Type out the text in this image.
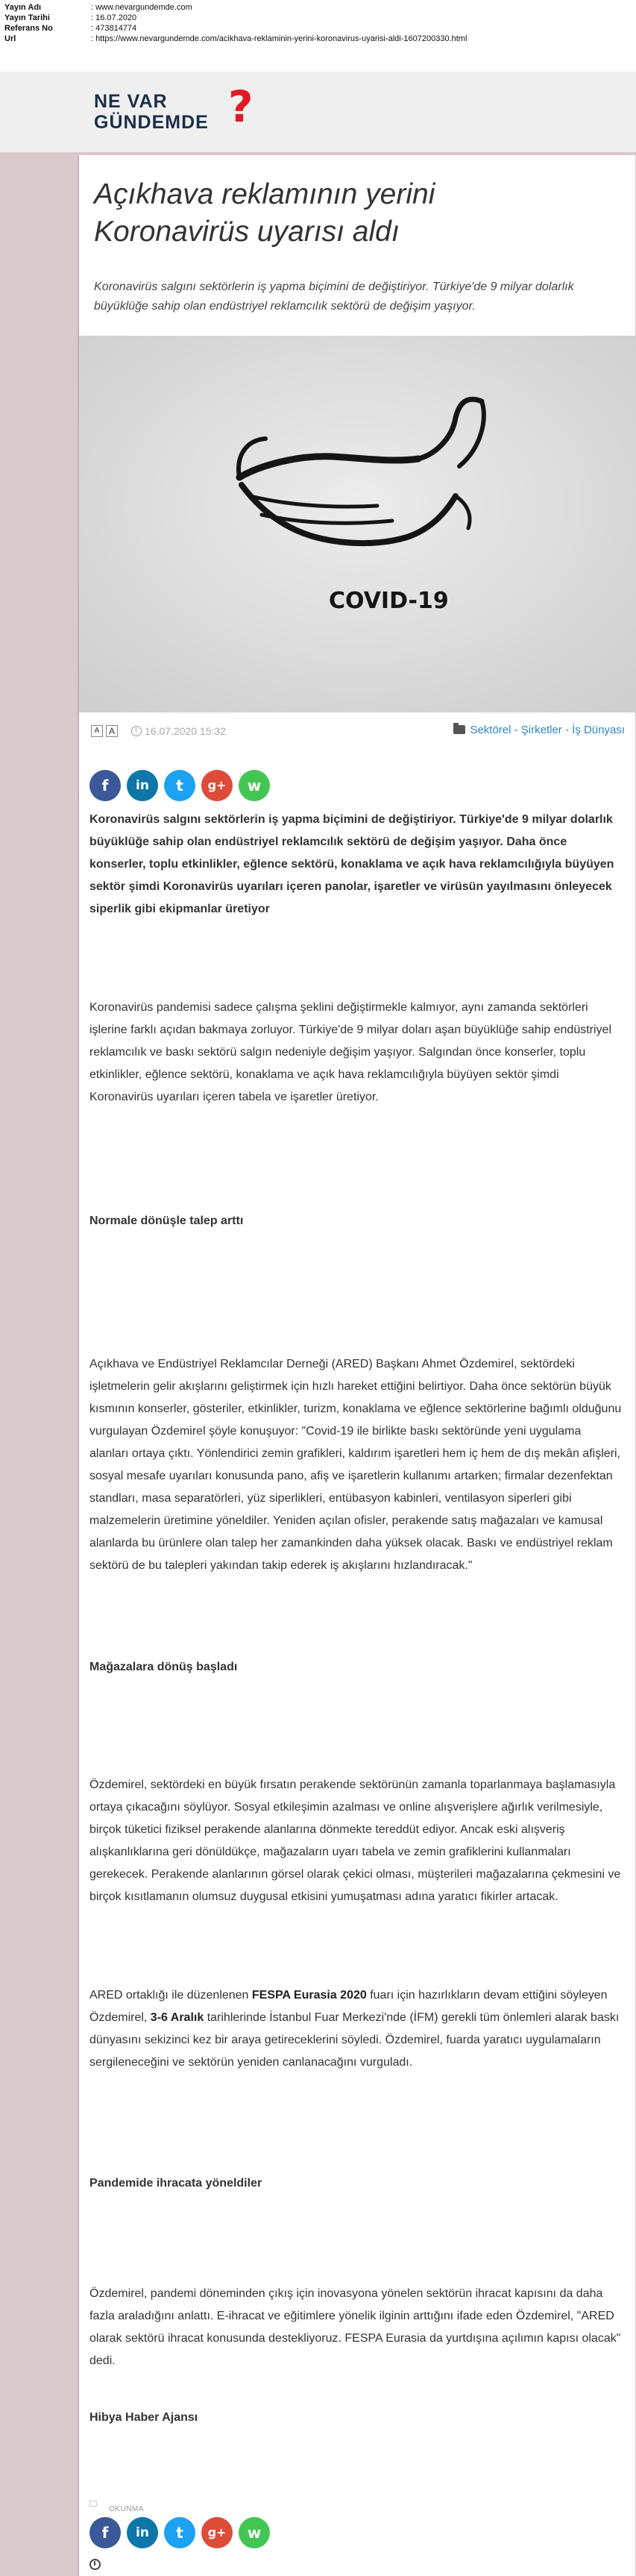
Yayın Adı	: www.nevargundemde.com
Yayın Tarihi	: 16.07.2020
Referans No	: 473814774
Url	: https://www.nevargundemde.com/acikhava-reklaminin-yerini-koronavirus-uyarisi-aldi-1607200330.html
NE VAR
GÜNDEMDE ?
Açıkhava reklamının yerini Koronavirüs uyarısı aldı

Koronavirüs salgını sektörlerin iş yapma biçimini de değiştiriyor. Türkiye'de 9 milyar dolarlık büyüklüğe sahip olan endüstriyel reklamcılık sektörü de değişim yaşıyor.

COVID-19
A	A	16.07.2020 15:32	Sektörel - Şirketler - İş Dünyası
f	in	t	g+	w

Koronavirüs salgını sektörlerin iş yapma biçimini de değiştiriyor. Türkiye'de 9 milyar dolarlık büyüklüğe sahip olan endüstriyel reklamcılık sektörü de değişim yaşıyor. Daha önce konserler, toplu etkinlikler, eğlence sektörü, konaklama ve açık hava reklamcılığıyla büyüyen sektör şimdi Koronavirüs uyarıları içeren panolar, işaretler ve virüsün yayılmasını önleyecek siperlik gibi ekipmanlar üretiyor

Koronavirüs pandemisi sadece çalışma şeklini değiştirmekle kalmıyor, aynı zamanda sektörleri işlerine farklı açıdan bakmaya zorluyor. Türkiye'de 9 milyar doları aşan büyüklüğe sahip endüstriyel reklamcılık ve baskı sektörü salgın nedeniyle değişim yaşıyor. Salgından önce konserler, toplu etkinlikler, eğlence sektörü, konaklama ve açık hava reklamcılığıyla büyüyen sektör şimdi Koronavirüs uyarıları içeren tabela ve işaretler üretiyor.

Normale dönüşle talep arttı

Açıkhava ve Endüstriyel Reklamcılar Derneği (ARED) Başkanı Ahmet Özdemirel, sektördeki işletmelerin gelir akışlarını geliştirmek için hızlı hareket ettiğini belirtiyor. Daha önce sektörün büyük kısmının konserler, gösteriler, etkinlikler, turizm, konaklama ve eğlence sektörlerine bağımlı olduğunu vurgulayan Özdemirel şöyle konuşuyor: "Covid-19 ile birlikte baskı sektöründe yeni uygulama alanları ortaya çıktı. Yönlendirici zemin grafikleri, kaldırım işaretleri hem iç hem de dış mekân afişleri, sosyal mesafe uyarıları konusunda pano, afiş ve işaretlerin kullanımı artarken; firmalar dezenfektan standları, masa separatörleri, yüz siperlikleri, entübasyon kabinleri, ventilasyon siperleri gibi malzemelerin üretimine yöneldiler. Yeniden açılan ofisler, perakende satış mağazaları ve kamusal alanlarda bu ürünlere olan talep her zamankinden daha yüksek olacak. Baskı ve endüstriyel reklam sektörü de bu talepleri yakından takip ederek iş akışlarını hızlandıracak."

Mağazalara dönüş başladı

Özdemirel, sektördeki en büyük fırsatın perakende sektörünün zamanla toparlanmaya başlamasıyla ortaya çıkacağını söylüyor. Sosyal etkileşimin azalması ve online alışverişlere ağırlık verilmesiyle, birçok tüketici fiziksel perakende alanlarına dönmekte tereddüt ediyor. Ancak eski alışveriş alışkanlıklarına geri dönüldükçe, mağazaların uyarı tabela ve zemin grafiklerini kullanmaları gerekecek. Perakende alanlarının görsel olarak çekici olması, müşterileri mağazalarına çekmesini ve birçok kısıtlamanın olumsuz duygusal etkisini yumuşatması adına yaratıcı fikirler artacak.

ARED ortaklığı ile düzenlenen FESPA Eurasia 2020 fuarı için hazırlıkların devam ettiğini söyleyen Özdemirel, 3-6 Aralık tarihlerinde İstanbul Fuar Merkezi'nde (İFM) gerekli tüm önlemleri alarak baskı dünyasını sekizinci kez bir araya getireceklerini söyledi. Özdemirel, fuarda yaratıcı uygulamaların sergileneceğini ve sektörün yeniden canlanacağını vurguladı.

Pandemide ihracata yöneldiler

Özdemirel, pandemi döneminden çıkış için inovasyona yönelen sektörün ihracat kapısını da daha fazla araladığını anlattı. E-ihracat ve eğitimlere yönelik ilginin arttığını ifade eden Özdemirel, "ARED olarak sektörü ihracat konusunda destekliyoruz. FESPA Eurasia da yurtdışına açılımın kapısı olacak" dedi.

Hibya Haber Ajansı
OKUNMA
f	in	t	g+	w
